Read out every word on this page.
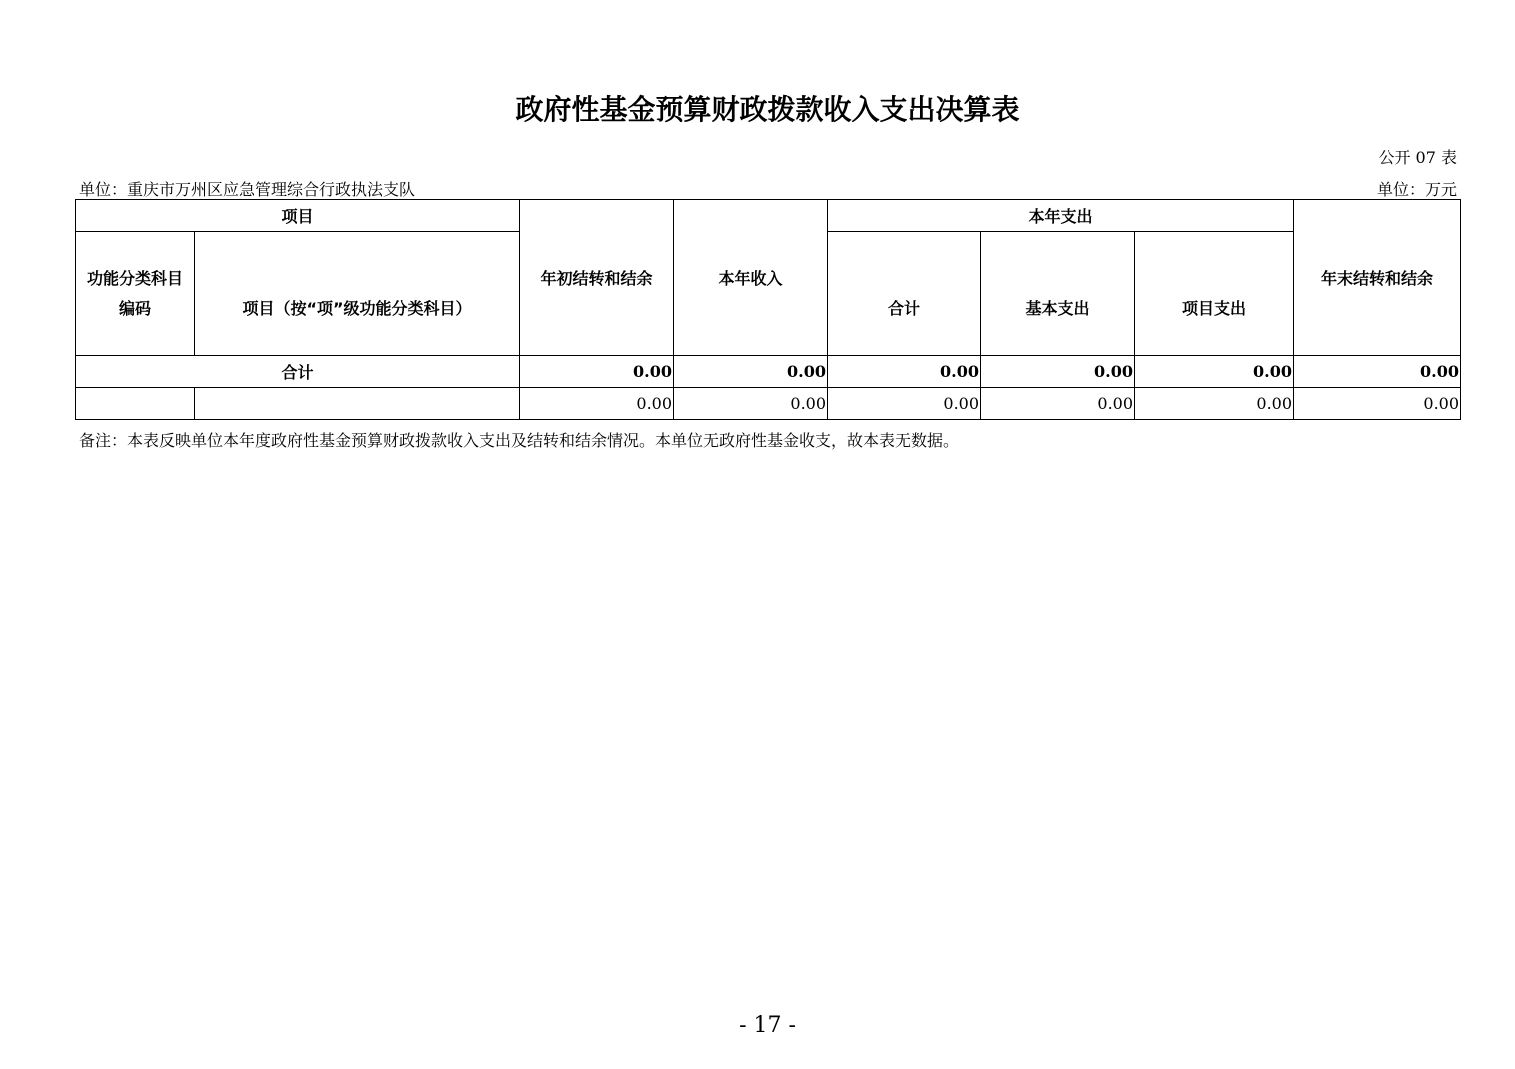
政府性基金预算财政拨款收入支出决算表
公开 07 表
单位：重庆市万州区应急管理综合行政执法支队	单位：万元
项目		年初结转和结余	本年收入	本年支出			年末结转和结余
功能分类科目编码	项目（按“项”级功能分类科目）			合计	基本支出	项目支出	
合计		0.00	0.00	0.00	0.00	0.00	0.00
		0.00	0.00	0.00	0.00	0.00	0.00
备注：本表反映单位本年度政府性基金预算财政拨款收入支出及结转和结余情况。本单位无政府性基金收支，故本表无数据。
- 17 -
